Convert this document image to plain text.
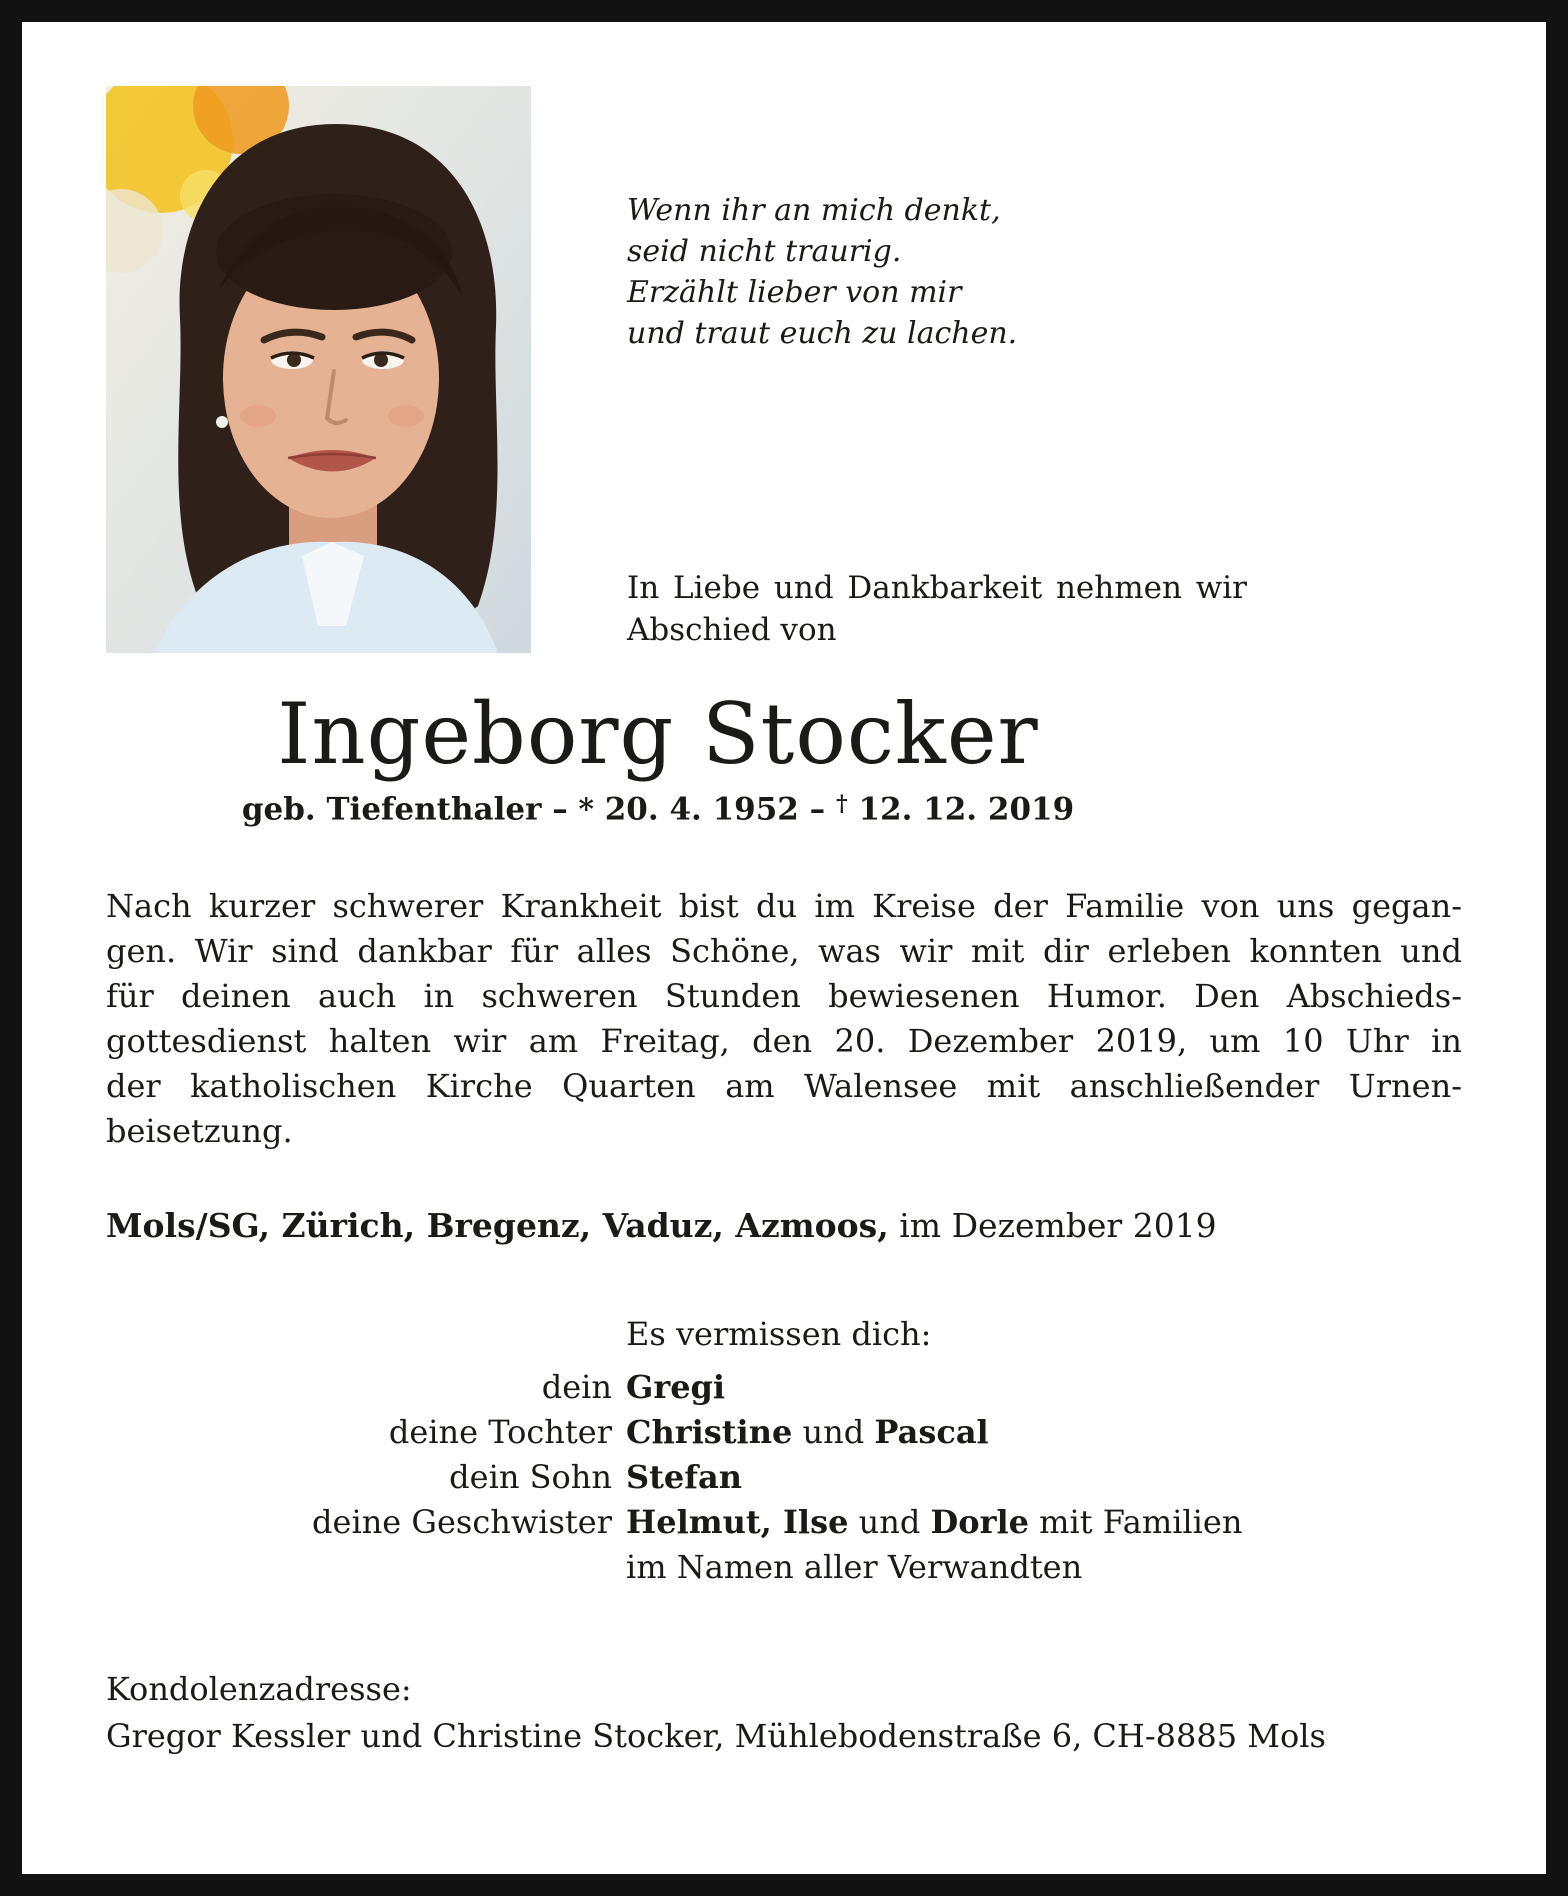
Wenn ihr an mich denkt,
seid nicht traurig.
Erzählt lieber von mir
und traut euch zu lachen.
In Liebe und Dankbarkeit nehmen wir
Abschied von
Ingeborg Stocker
geb. Tiefenthaler – * 20. 4. 1952 – † 12. 12. 2019
Nach kurzer schwerer Krankheit bist du im Kreise der Familie von uns gegan-
gen. Wir sind dankbar für alles Schöne, was wir mit dir erleben konnten und
für deinen auch in schweren Stunden bewiesenen Humor. Den Abschieds-
gottesdienst halten wir am Freitag, den 20. Dezember 2019, um 10 Uhr in
der katholischen Kirche Quarten am Walensee mit anschließender Urnen-
beisetzung.
Mols/SG, Zürich, Bregenz, Vaduz, Azmoos, im Dezember 2019
Es vermissen dich:
dein Gregi
deine Tochter Christine und Pascal
dein Sohn Stefan
deine Geschwister Helmut, Ilse und Dorle mit Familien
im Namen aller Verwandten
Kondolenzadresse:
Gregor Kessler und Christine Stocker, Mühlebodenstraße 6, CH-8885 Mols
